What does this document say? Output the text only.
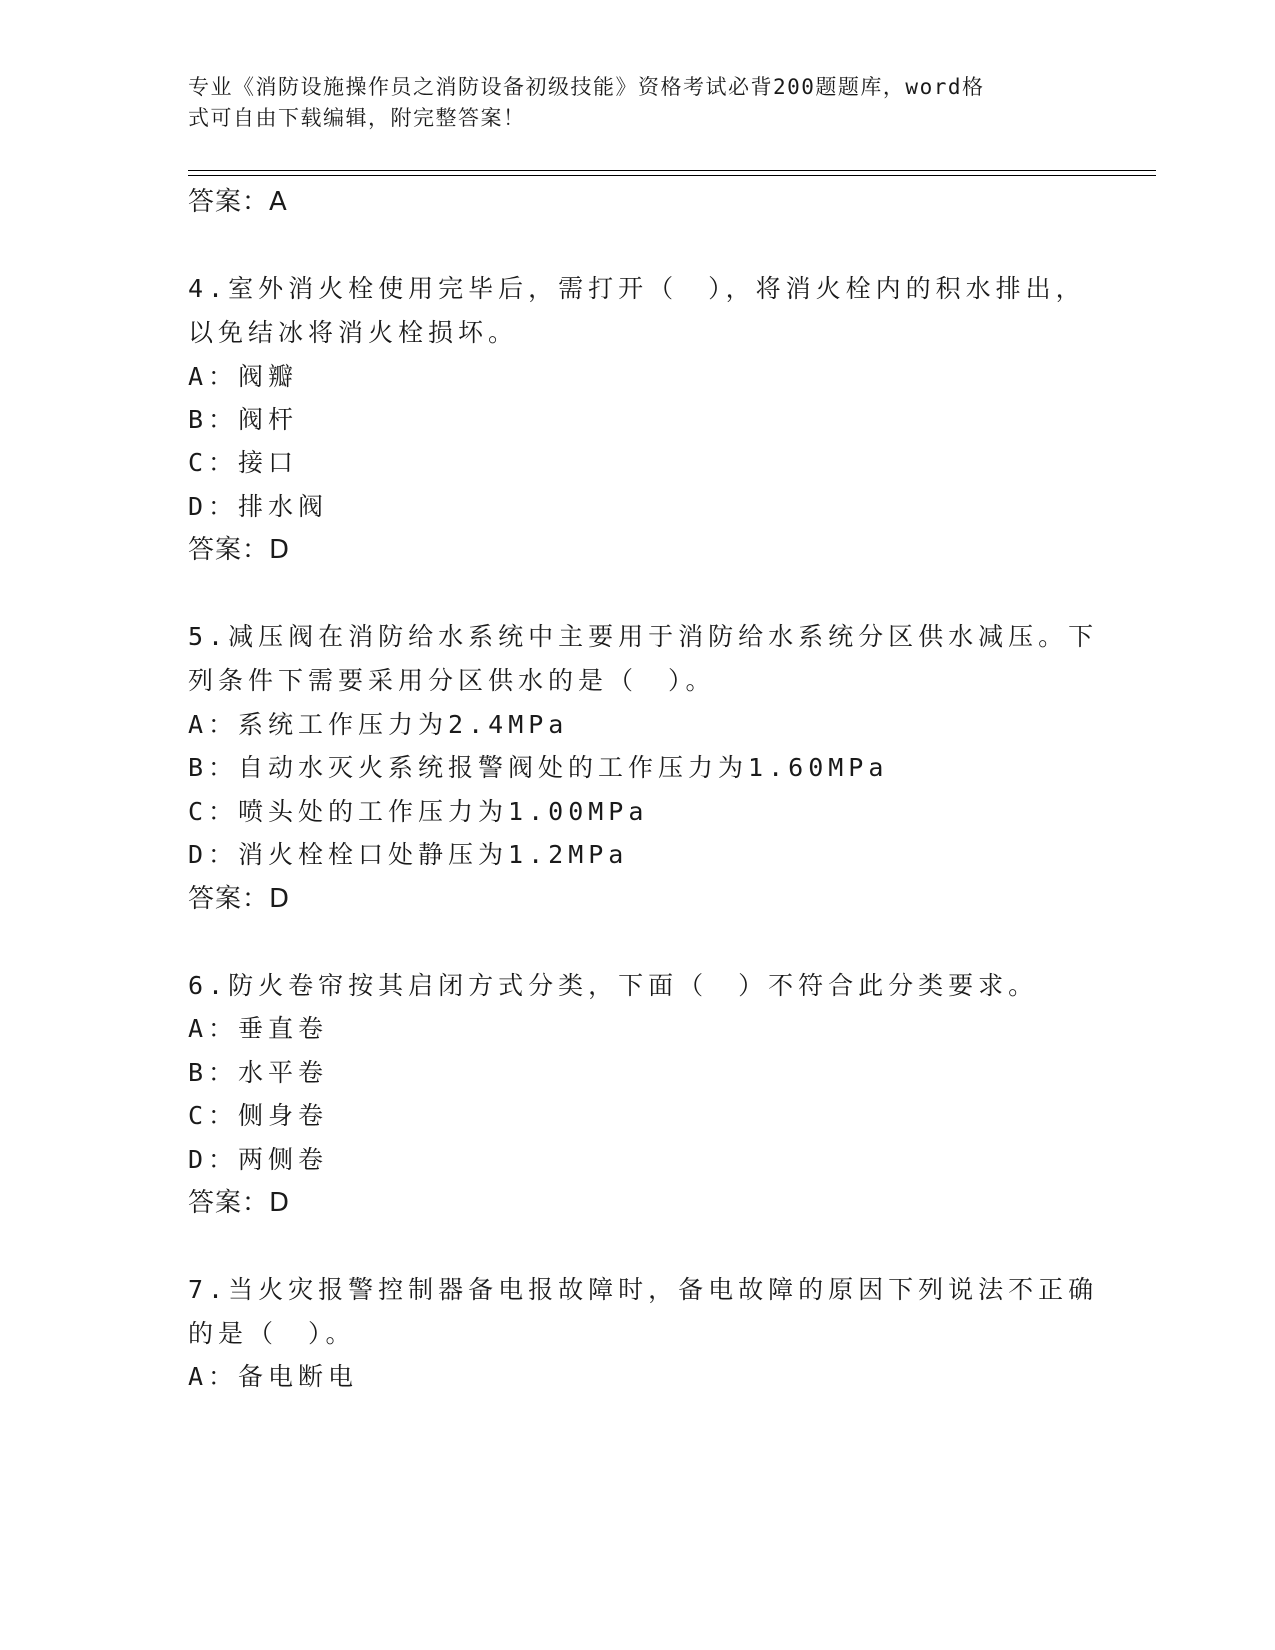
专业《消防设施操作员之消防设备初级技能》资格考试必背200题题库，word格
式可自由下载编辑，附完整答案！
答案：A
4.室外消火栓使用完毕后，需打开（　），将消火栓内的积水排出，
以免结冰将消火栓损坏。
A：阀瓣
B：阀杆
C：接口
D：排水阀
答案：D
5.减压阀在消防给水系统中主要用于消防给水系统分区供水减压。下
列条件下需要采用分区供水的是（　）。
A：系统工作压力为2.4MPa
B：自动水灭火系统报警阀处的工作压力为1.60MPa
C：喷头处的工作压力为1.00MPa
D：消火栓栓口处静压为1.2MPa
答案：D
6.防火卷帘按其启闭方式分类，下面（　）不符合此分类要求。
A：垂直卷
B：水平卷
C：侧身卷
D：两侧卷
答案：D
7.当火灾报警控制器备电报故障时，备电故障的原因下列说法不正确
的是（　）。
A：备电断电
